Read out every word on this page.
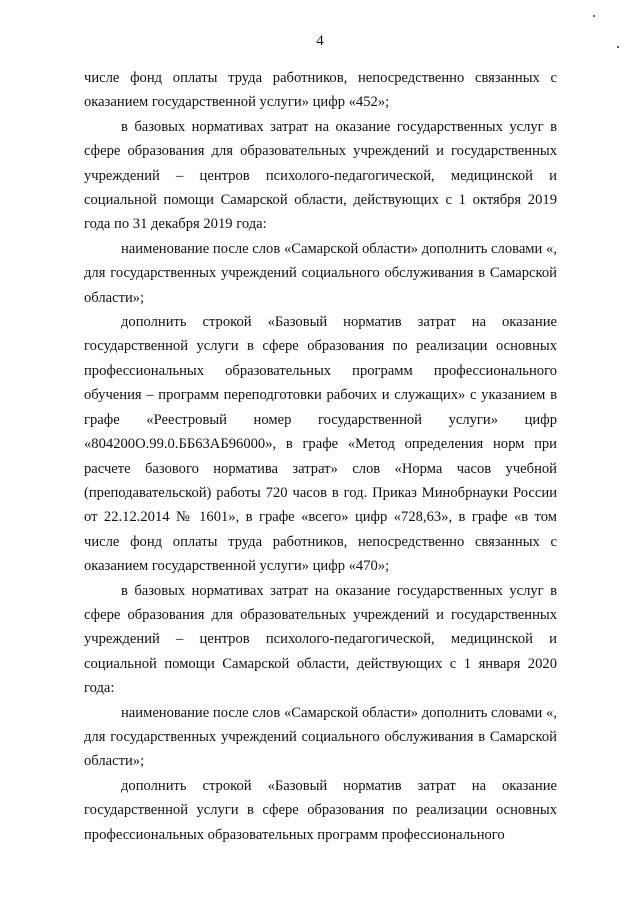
4

числе фонд оплаты труда работников, непосредственно связанных с оказанием государственной услуги» цифр «452»;

в базовых нормативах затрат на оказание государственных услуг в сфере образования для образовательных учреждений и государственных учреждений – центров психолого-педагогической, медицинской и социальной помощи Самарской области, действующих с 1 октября 2019 года по 31 декабря 2019 года:

наименование после слов «Самарской области» дополнить словами «, для государственных учреждений социального обслуживания в Самарской области»;

дополнить строкой «Базовый норматив затрат на оказание государственной услуги в сфере образования по реализации основных профессиональных образовательных программ профессионального обучения – программ переподготовки рабочих и служащих» с указанием в графе «Реестровый номер государственной услуги» цифр «804200О.99.0.ББ63АБ96000», в графе «Метод определения норм при расчете базового норматива затрат» слов «Норма часов учебной (преподавательской) работы 720 часов в год. Приказ Минобрнауки России от 22.12.2014 № 1601», в графе «всего» цифр «728,63», в графе «в том числе фонд оплаты труда работников, непосредственно связанных с оказанием государственной услуги» цифр «470»;

в базовых нормативах затрат на оказание государственных услуг в сфере образования для образовательных учреждений и государственных учреждений – центров психолого-педагогической, медицинской и социальной помощи Самарской области, действующих с 1 января 2020 года:

наименование после слов «Самарской области» дополнить словами «, для государственных учреждений социального обслуживания в Самарской области»;

дополнить строкой «Базовый норматив затрат на оказание государственной услуги в сфере образования по реализации основных профессиональных образовательных программ профессионального
